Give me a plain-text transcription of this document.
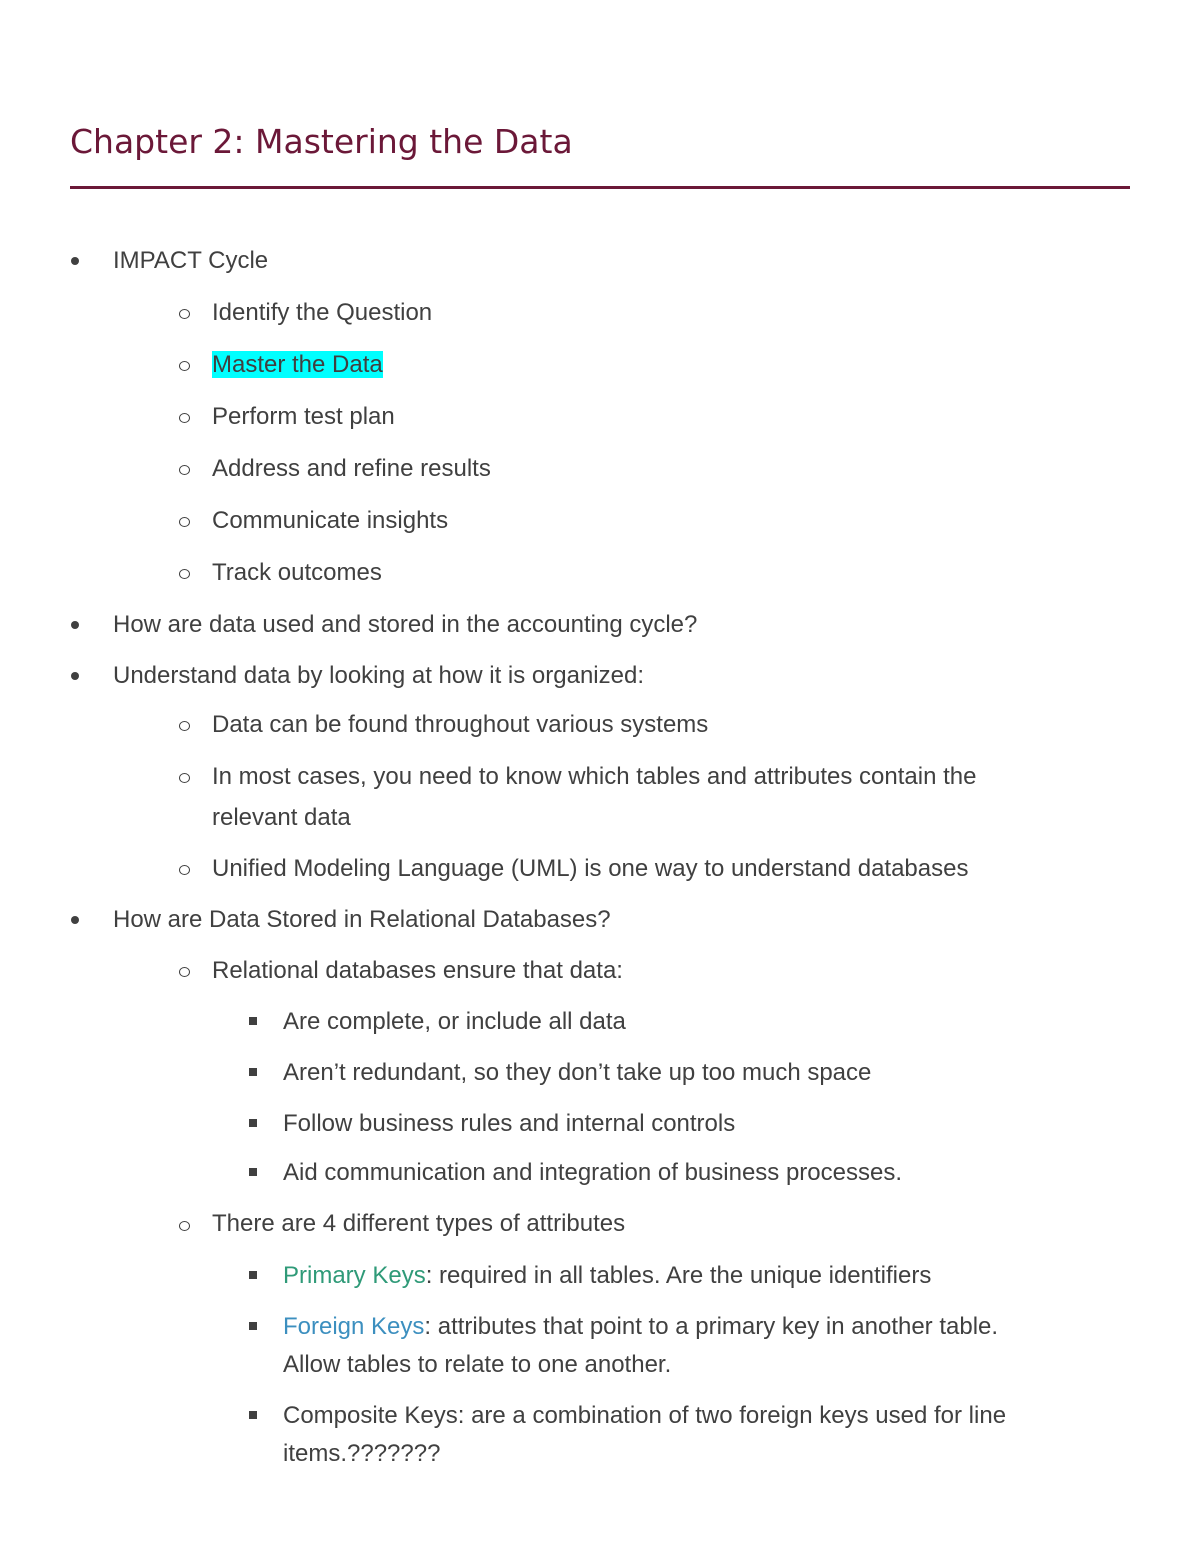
Chapter 2: Mastering the Data
IMPACT Cycle
Identify the Question
Master the Data
Perform test plan
Address and refine results
Communicate insights
Track outcomes
How are data used and stored in the accounting cycle?
Understand data by looking at how it is organized:
Data can be found throughout various systems
In most cases, you need to know which tables and attributes contain the
relevant data
Unified Modeling Language (UML) is one way to understand databases
How are Data Stored in Relational Databases?
Relational databases ensure that data:
Are complete, or include all data
Aren’t redundant, so they don’t take up too much space
Follow business rules and internal controls
Aid communication and integration of business processes.
There are 4 different types of attributes
Primary Keys: required in all tables. Are the unique identifiers
Foreign Keys: attributes that point to a primary key in another table.
Allow tables to relate to one another.
Composite Keys: are a combination of two foreign keys used for line
items.???????
